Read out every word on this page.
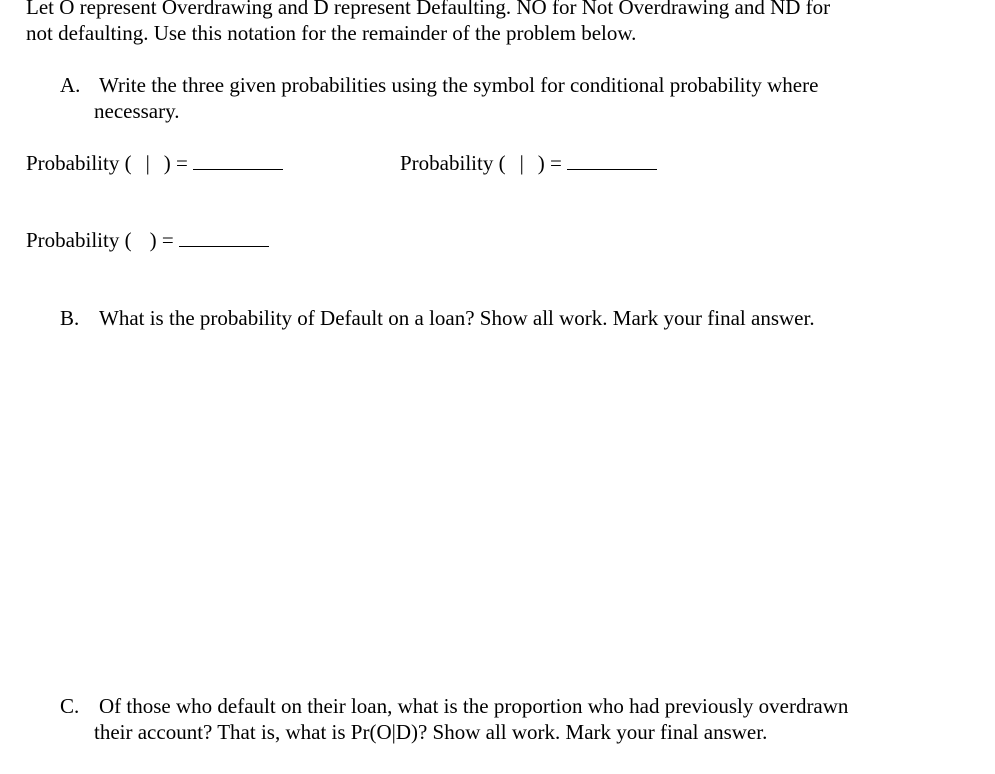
Let O represent Overdrawing and D represent Defaulting. NO for Not Overdrawing and ND for
not defaulting. Use this notation for the remainder of the problem below.
A. Write the three given probabilities using the symbol for conditional probability where
necessary.
Probability ( | ) =	Probability ( | ) =
Probability ( ) =
B. What is the probability of Default on a loan? Show all work. Mark your final answer.
C. Of those who default on their loan, what is the proportion who had previously overdrawn
their account? That is, what is Pr(O|D)? Show all work. Mark your final answer.
